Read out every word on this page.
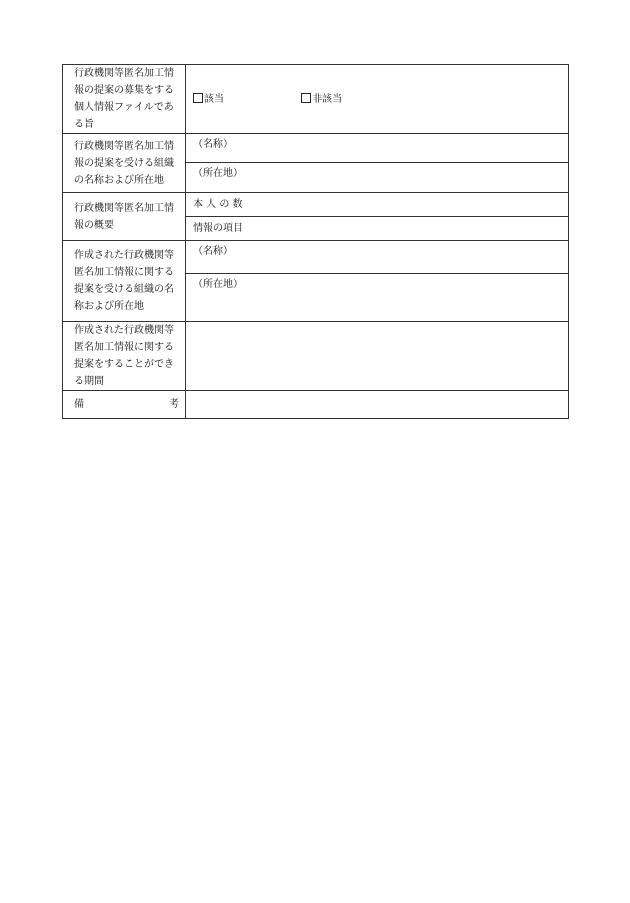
行政機関等匿名加工情報の提案の募集をする個人情報ファイルである旨	該当 非該当
行政機関等匿名加工情報の提案を受ける組織の名称および所在地	（名称）
	（所在地）
行政機関等匿名加工情報の概要	本 人 の 数
	情報の項目
作成された行政機関等匿名加工情報に関する提案を受ける組織の名称および所在地	（名称）
	（所在地）
作成された行政機関等匿名加工情報に関する提案をすることができる期間	

備 考	
